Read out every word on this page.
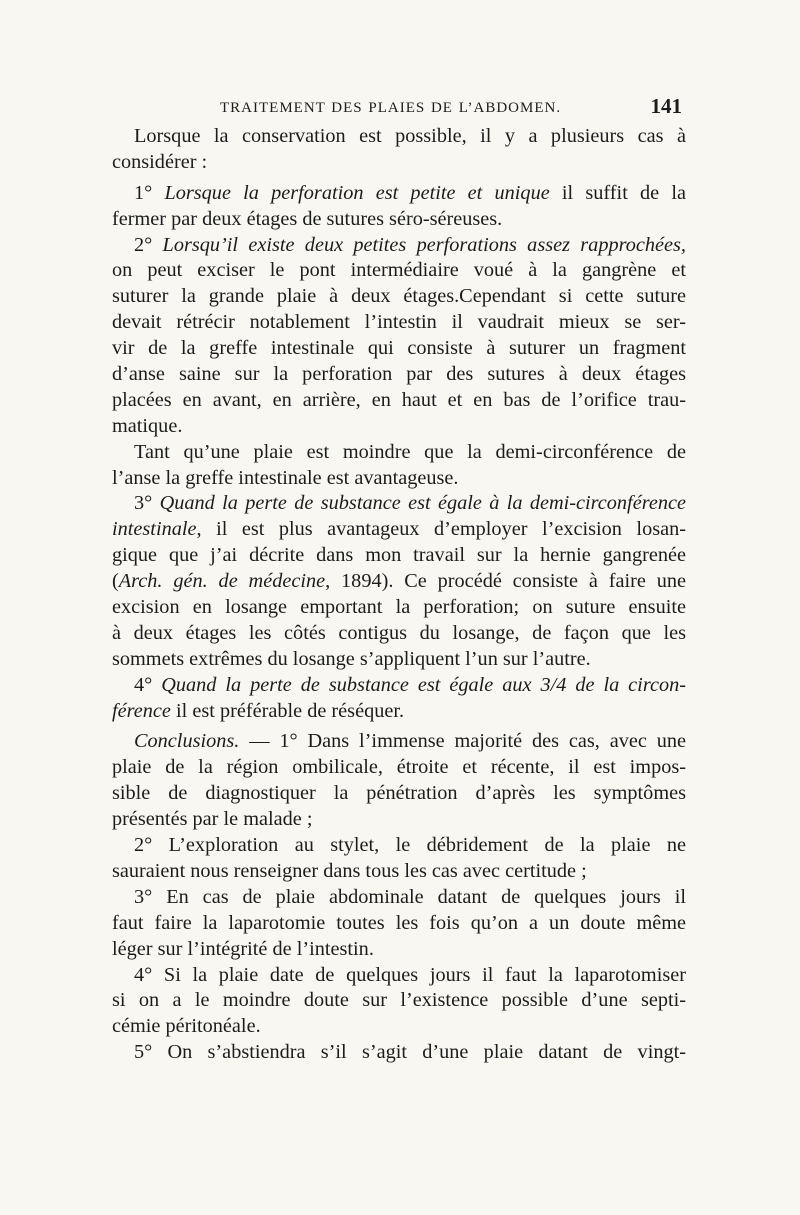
TRAITEMENT DES PLAIES DE L’ABDOMEN.	141
Lorsque la conservation est possible, il y a plusieurs cas à
considérer :
1° Lorsque la perforation est petite et unique il suffit de la
fermer par deux étages de sutures séro-séreuses.
2° Lorsqu’il existe deux petites perforations assez rapprochées,
on peut exciser le pont intermédiaire voué à la gangrène et
suturer la grande plaie à deux étages.Cependant si cette suture
devait rétrécir notablement l’intestin il vaudrait mieux se ser-
vir de la greffe intestinale qui consiste à suturer un fragment
d’anse saine sur la perforation par des sutures à deux étages
placées en avant, en arrière, en haut et en bas de l’orifice trau-
matique.
Tant qu’une plaie est moindre que la demi-circonférence de
l’anse la greffe intestinale est avantageuse.
3° Quand la perte de substance est égale à la demi-circonférence
intestinale, il est plus avantageux d’employer l’excision losan-
gique que j’ai décrite dans mon travail sur la hernie gangrenée
(Arch. gén. de médecine, 1894). Ce procédé consiste à faire une
excision en losange emportant la perforation; on suture ensuite
à deux étages les côtés contigus du losange, de façon que les
sommets extrêmes du losange s’appliquent l’un sur l’autre.
4° Quand la perte de substance est égale aux 3/4 de la circon-
férence il est préférable de réséquer.
Conclusions. — 1° Dans l’immense majorité des cas, avec une
plaie de la région ombilicale, étroite et récente, il est impos-
sible de diagnostiquer la pénétration d’après les symptômes
présentés par le malade ;
2° L’exploration au stylet, le débridement de la plaie ne
sauraient nous renseigner dans tous les cas avec certitude ;
3° En cas de plaie abdominale datant de quelques jours il
faut faire la laparotomie toutes les fois qu’on a un doute même
léger sur l’intégrité de l’intestin.
4° Si la plaie date de quelques jours il faut la laparotomiser
si on a le moindre doute sur l’existence possible d’une septi-
cémie péritonéale.
5° On s’abstiendra s’il s’agit d’une plaie datant de vingt-
